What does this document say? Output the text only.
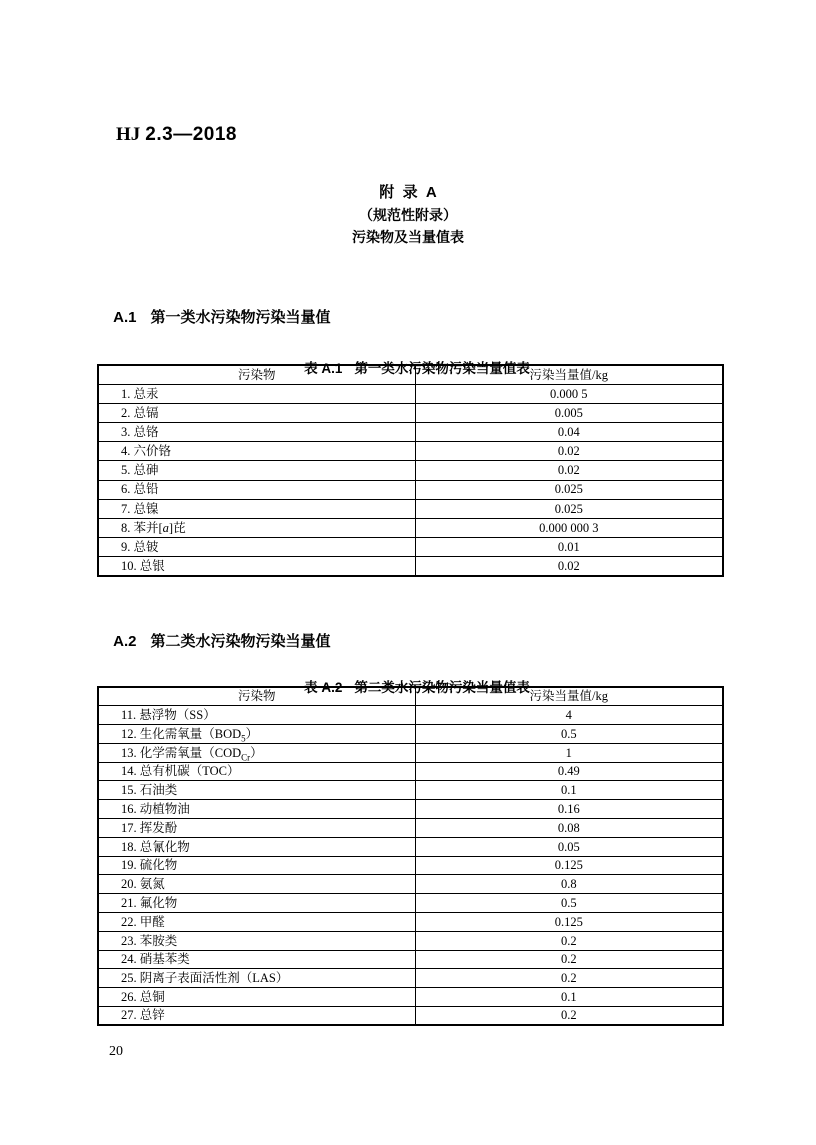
HJ 2.3—2018

附  录  A
（规范性附录）
污染物及当量值表

A.1 第一类水污染物污染当量值

表 A.1 第一类水污染物污染当量值表

污染物	污染当量值/kg
1. 总汞	0.000 5
2. 总镉	0.005
3. 总铬	0.04
4. 六价铬	0.02
5. 总砷	0.02
6. 总铅	0.025
7. 总镍	0.025
8. 苯并[a]芘	0.000 000 3
9. 总铍	0.01
10. 总银	0.02

A.2 第二类水污染物污染当量值

表 A.2 第二类水污染物污染当量值表

污染物	污染当量值/kg
11. 悬浮物（SS）	4
12. 生化需氧量$(BOD_5)$	0.5
13. 化学需氧量$(COD_{Cr})$	1
14. 总有机碳（TOC）	0.49
15. 石油类	0.1
16. 动植物油	0.16
17. 挥发酚	0.08
18. 总氰化物	0.05
19. 硫化物	0.125
20. 氨氮	0.8
21. 氟化物	0.5
22. 甲醛	0.125
23. 苯胺类	0.2
24. 硝基苯类	0.2
25. 阴离子表面活性剂（LAS）	0.2
26. 总铜	0.1
27. 总锌	0.2
20
